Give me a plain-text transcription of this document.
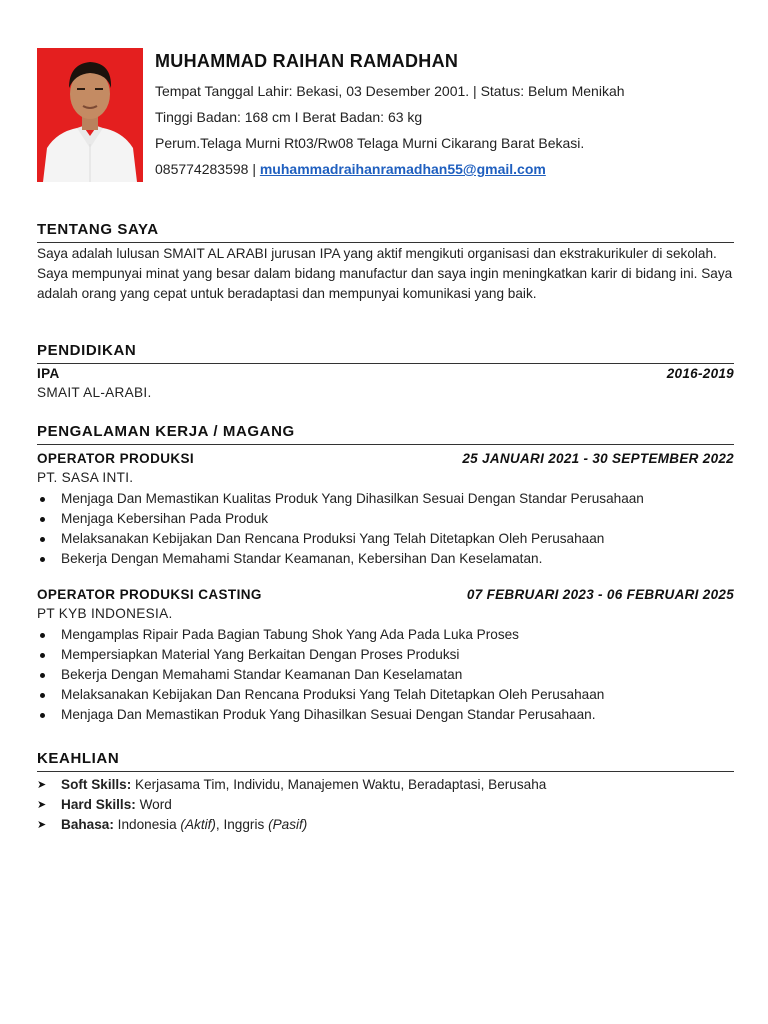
MUHAMMAD RAIHAN RAMADHAN
Tempat Tanggal Lahir: Bekasi, 03 Desember 2001. | Status: Belum Menikah
Tinggi Badan: 168 cm I Berat Badan: 63 kg
Perum.Telaga Murni Rt03/Rw08 Telaga Murni Cikarang Barat Bekasi.
085774283598 | muhammadraihanramadhan55@gmail.com
TENTANG SAYA
Saya adalah lulusan SMAIT AL ARABI jurusan IPA yang aktif mengikuti organisasi dan ekstrakurikuler di sekolah. Saya mempunyai minat yang besar dalam bidang manufactur dan saya ingin meningkatkan karir di bidang ini. Saya adalah orang yang cepat untuk beradaptasi dan mempunyai komunikasi yang baik.
PENDIDIKAN
IPA	2016-2019
SMAIT AL-ARABI.
PENGALAMAN KERJA / MAGANG
OPERATOR PRODUKSI	25 JANUARI 2021 - 30 SEPTEMBER 2022
PT. SASA INTI.
Menjaga Dan Memastikan Kualitas Produk Yang Dihasilkan Sesuai Dengan Standar Perusahaan
Menjaga Kebersihan Pada Produk
Melaksanakan Kebijakan Dan Rencana Produksi Yang Telah Ditetapkan Oleh Perusahaan
Bekerja Dengan Memahami Standar Keamanan, Kebersihan Dan Keselamatan.
OPERATOR PRODUKSI CASTING	07 FEBRUARI 2023 - 06 FEBRUARI 2025
PT KYB INDONESIA.
Mengamplas Ripair Pada Bagian Tabung Shok Yang Ada Pada Luka Proses
Mempersiapkan Material Yang Berkaitan Dengan Proses Produksi
Bekerja Dengan Memahami Standar Keamanan Dan Keselamatan
Melaksanakan Kebijakan Dan Rencana Produksi Yang Telah Ditetapkan Oleh Perusahaan
Menjaga Dan Memastikan Produk Yang Dihasilkan Sesuai Dengan Standar Perusahaan.
KEAHLIAN
➤ Soft Skills: Kerjasama Tim, Individu, Manajemen Waktu, Beradaptasi, Berusaha
➤ Hard Skills: Word
➤ Bahasa: Indonesia (Aktif), Inggris (Pasif)
